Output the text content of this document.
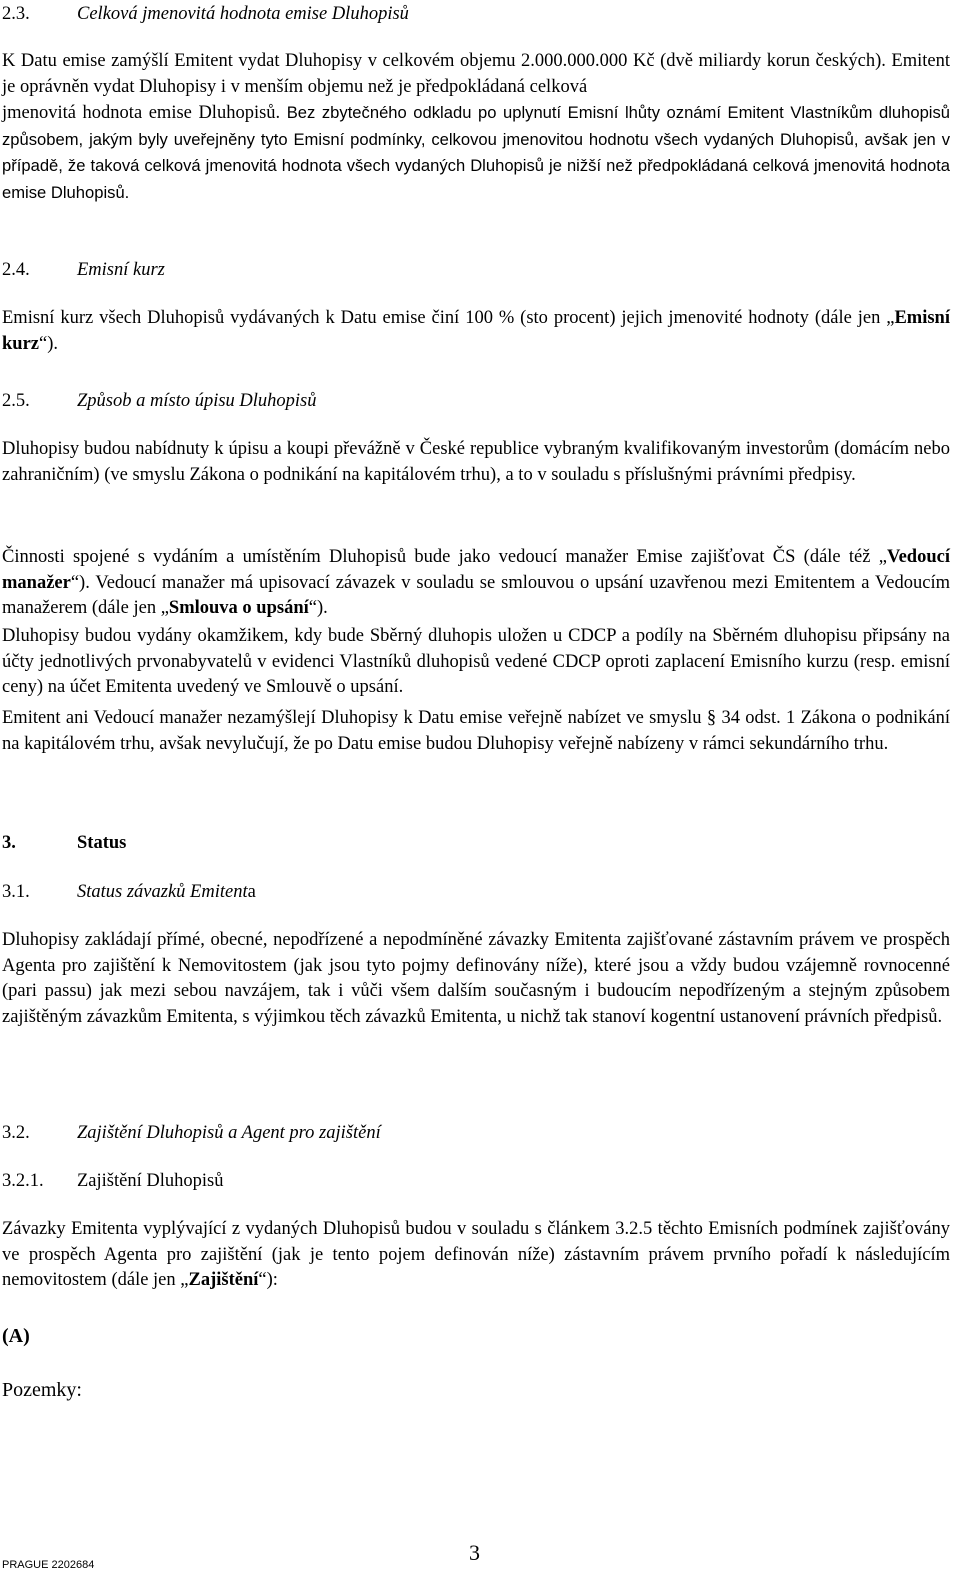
2.3.	Celková jmenovitá hodnota emise Dluhopisů

K Datu emise zamýšlí Emitent vydat Dluhopisy v celkovém objemu 2.000.000.000 Kč (dvě miliardy korun českých). Emitent je oprávněn vydat Dluhopisy i v menším objemu než je předpokládaná celková

jmenovitá hodnota emise Dluhopisů. Bez zbytečného odkladu po uplynutí Emisní lhůty oznámí Emitent Vlastníkům dluhopisů způsobem, jakým byly uveřejněny tyto Emisní podmínky, celkovou jmenovitou hodnotu všech vydaných Dluhopisů, avšak jen v případě, že taková celková jmenovitá hodnota všech vydaných Dluhopisů je nižší než předpokládaná celková jmenovitá hodnota emise Dluhopisů.

2.4.	Emisní kurz

Emisní kurz všech Dluhopisů vydávaných k Datu emise činí 100 % (sto procent) jejich jmenovité hodnoty (dále jen „Emisní kurz“).

2.5.	Způsob a místo úpisu Dluhopisů

Dluhopisy budou nabídnuty k úpisu a koupi převážně v České republice vybraným kvalifikovaným investorům (domácím nebo zahraničním) (ve smyslu Zákona o podnikání na kapitálovém trhu), a to v souladu s příslušnými právními předpisy.

Činnosti spojené s vydáním a umístěním Dluhopisů bude jako vedoucí manažer Emise zajišťovat ČS (dále též „Vedoucí manažer“). Vedoucí manažer má upisovací závazek v souladu se smlouvou o upsání uzavřenou mezi Emitentem a Vedoucím manažerem (dále jen „Smlouva o upsání“).

Dluhopisy budou vydány okamžikem, kdy bude Sběrný dluhopis uložen u CDCP a podíly na Sběrném dluhopisu připsány na účty jednotlivých prvonabyvatelů v evidenci Vlastníků dluhopisů vedené CDCP oproti zaplacení Emisního kurzu (resp. emisní ceny) na účet Emitenta uvedený ve Smlouvě o upsání.

Emitent ani Vedoucí manažer nezamýšlejí Dluhopisy k Datu emise veřejně nabízet ve smyslu § 34 odst. 1 Zákona o podnikání na kapitálovém trhu, avšak nevylučují, že po Datu emise budou Dluhopisy veřejně nabízeny v rámci sekundárního trhu.

3.	Status
3.1.	Status závazků Emitenta

Dluhopisy zakládají přímé, obecné, nepodřízené a nepodmíněné závazky Emitenta zajišťované zástavním právem ve prospěch Agenta pro zajištění k Nemovitostem (jak jsou tyto pojmy definovány níže), které jsou a vždy budou vzájemně rovnocenné (pari passu) jak mezi sebou navzájem, tak i vůči všem dalším současným i budoucím nepodřízeným a stejným způsobem zajištěným závazkům Emitenta, s výjimkou těch závazků Emitenta, u nichž tak stanoví kogentní ustanovení právních předpisů.

3.2.	Zajištění Dluhopisů a Agent pro zajištění
3.2.1.	Zajištění Dluhopisů

Závazky Emitenta vyplývající z vydaných Dluhopisů budou v souladu s článkem 3.2.5 těchto Emisních podmínek zajišťovány ve prospěch Agenta pro zajištění (jak je tento pojem definován níže) zástavním právem prvního pořadí k následujícím nemovitostem (dále jen „Zajištění“):

(A)
Pozemky:
PRAGUE 2202684	3
